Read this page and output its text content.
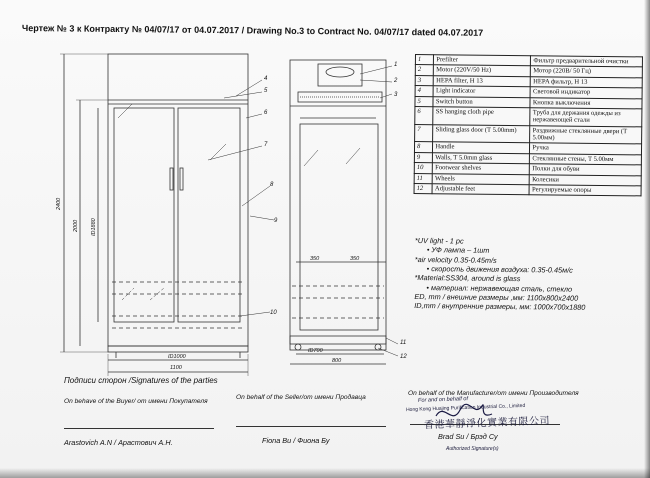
Чертеж № 3 к Контракту № 04/07/17 от 04.07.2017 / Drawing No.3 to Contract No. 04/07/17 dated 04.07.2017
4
5
6
7
8
9
10
1
2
3
11
12
2400
2000 ID1880
ID1000
1100
ID700
800
350	350
1	Prefilter	Фильтр предварительной очистки
2	Motor (220V/50 Hz)	Мотор (220В/ 50 Гц)
3	HEPA filter, H 13	HEPA фильтр, H 13
4	Light indicator	Световой индикатор
5	Switch button	Кнопка выключения
6	SS hanging cloth pipe	Труба для держания одежды из нержавеющей стали
7	Sliding glass door (T 5.00mm)	Раздвижные стеклянные двери (T 5.00мм)
8	Handle	Ручка
9	Walls, T 5.0mm glass	Стеклянные стены, T 5.00мм
10	Footwear shelves	Полки для обуви
11	Wheels	Колесики
12	Adjustable feet	Регулируемые опоры
*UV light - 1 pc
• УФ лампа – 1шт
*air velocity 0.35-0.45m/s
• скорость движения воздуха: 0.35-0.45м/с
*Material:SS304, around is glass
• материал: нержавеющая сталь, стекло
ED, mm / внешние размеры ,мм: 1100x800x2400
ID,mm / внутренние размеры, мм: 1000x700x1880
Подписи сторон /Signatures of the parties
On behave of the Buyer/ от имени Покупателя
On behalf of the Seller/от имени Продавца
On behalf of the Manufacturer/от имени Производителя
Arastovich A.N / Арастович А.Н.	Fiona Bu / Фиона Бу	Brad Su / Брэд Су
For and on behalf of
Hong Kong Huajing Purification Industrial Co., Limited
香港華靜淨化實業有限公司
Authorized Signature(s)
